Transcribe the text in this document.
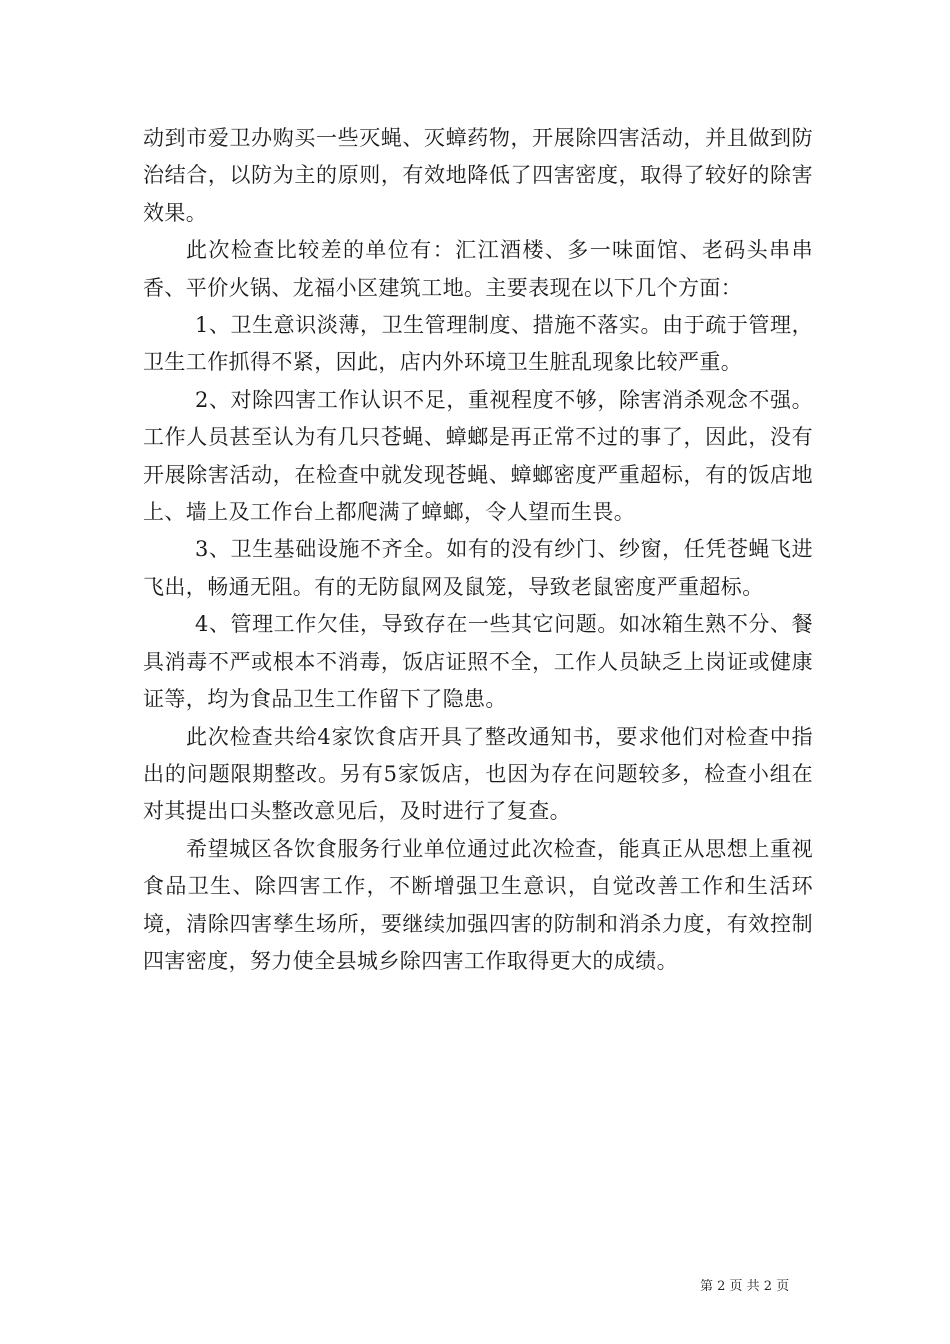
动到市爱卫办购买一些灭蝇、灭蟑药物，开展除四害活动，并且做到防治结合，以防为主的原则，有效地降低了四害密度，取得了较好的除害效果。

此次检查比较差的单位有：汇江酒楼、多一味面馆、老码头串串香、平价火锅、龙福小区建筑工地。主要表现在以下几个方面：

1、卫生意识淡薄，卫生管理制度、措施不落实。由于疏于管理，卫生工作抓得不紧，因此，店内外环境卫生脏乱现象比较严重。

2、对除四害工作认识不足，重视程度不够，除害消杀观念不强。工作人员甚至认为有几只苍蝇、蟑螂是再正常不过的事了，因此，没有开展除害活动，在检查中就发现苍蝇、蟑螂密度严重超标，有的饭店地上、墙上及工作台上都爬满了蟑螂，令人望而生畏。

3、卫生基础设施不齐全。如有的没有纱门、纱窗，任凭苍蝇飞进飞出，畅通无阻。有的无防鼠网及鼠笼，导致老鼠密度严重超标。

4、管理工作欠佳，导致存在一些其它问题。如冰箱生熟不分、餐具消毒不严或根本不消毒，饭店证照不全，工作人员缺乏上岗证或健康证等，均为食品卫生工作留下了隐患。

此次检查共给4家饮食店开具了整改通知书，要求他们对检查中指出的问题限期整改。另有5家饭店，也因为存在问题较多，检查小组在对其提出口头整改意见后，及时进行了复查。

希望城区各饮食服务行业单位通过此次检查，能真正从思想上重视食品卫生、除四害工作，不断增强卫生意识，自觉改善工作和生活环境，清除四害孳生场所，要继续加强四害的防制和消杀力度，有效控制四害密度，努力使全县城乡除四害工作取得更大的成绩。

第 2 页 共 2 页
